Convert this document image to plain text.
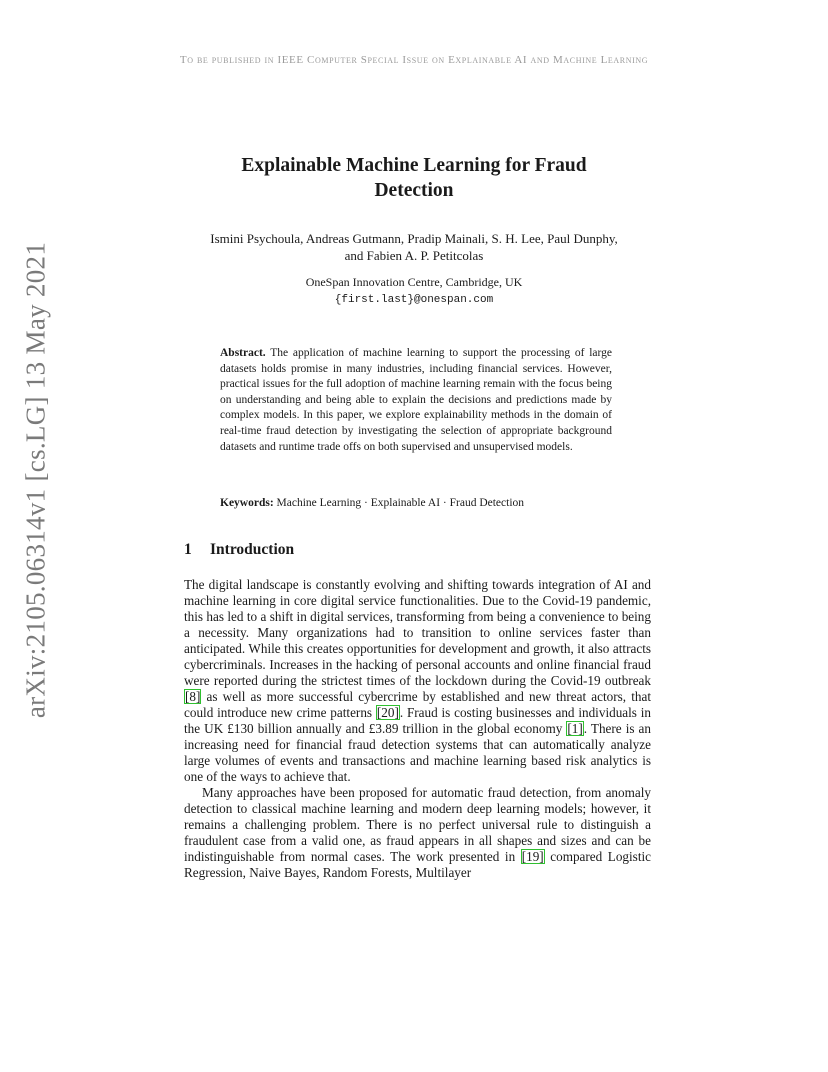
To be published in IEEE Computer Special Issue on Explainable AI and Machine Learning
arXiv:2105.06314v1 [cs.LG] 13 May 2021
Explainable Machine Learning for Fraud
Detection
Ismini Psychoula, Andreas Gutmann, Pradip Mainali, S. H. Lee, Paul Dunphy,
and Fabien A. P. Petitcolas
OneSpan Innovation Centre, Cambridge, UK
{first.last}@onespan.com

Abstract. The application of machine learning to support the processing of large datasets holds promise in many industries, including financial services. However, practical issues for the full adoption of machine learning remain with the focus being on understanding and being able to explain the decisions and predictions made by complex models. In this paper, we explore explainability methods in the domain of real-time fraud detection by investigating the selection of appropriate background datasets and runtime trade offs on both supervised and unsupervised models.

Keywords: Machine Learning · Explainable AI · Fraud Detection
1 Introduction

The digital landscape is constantly evolving and shifting towards integration of AI and machine learning in core digital service functionalities. Due to the Covid-19 pandemic, this has led to a shift in digital services, transforming from being a convenience to being a necessity. Many organizations had to transition to online services faster than anticipated. While this creates opportunities for development and growth, it also attracts cybercriminals. Increases in the hacking of personal accounts and online financial fraud were reported during the strictest times of the lockdown during the Covid-19 outbreak [8] as well as more successful cybercrime by established and new threat actors, that could introduce new crime patterns [20]. Fraud is costing businesses and individuals in the UK £130 billion annually and £3.89 trillion in the global economy [1]. There is an increasing need for financial fraud detection systems that can automatically analyze large volumes of events and transactions and machine learning based risk analytics is one of the ways to achieve that.

Many approaches have been proposed for automatic fraud detection, from anomaly detection to classical machine learning and modern deep learning models; however, it remains a challenging problem. There is no perfect universal rule to distinguish a fraudulent case from a valid one, as fraud appears in all shapes and sizes and can be indistinguishable from normal cases. The work presented in [19] compared Logistic Regression, Naive Bayes, Random Forests, Multilayer
